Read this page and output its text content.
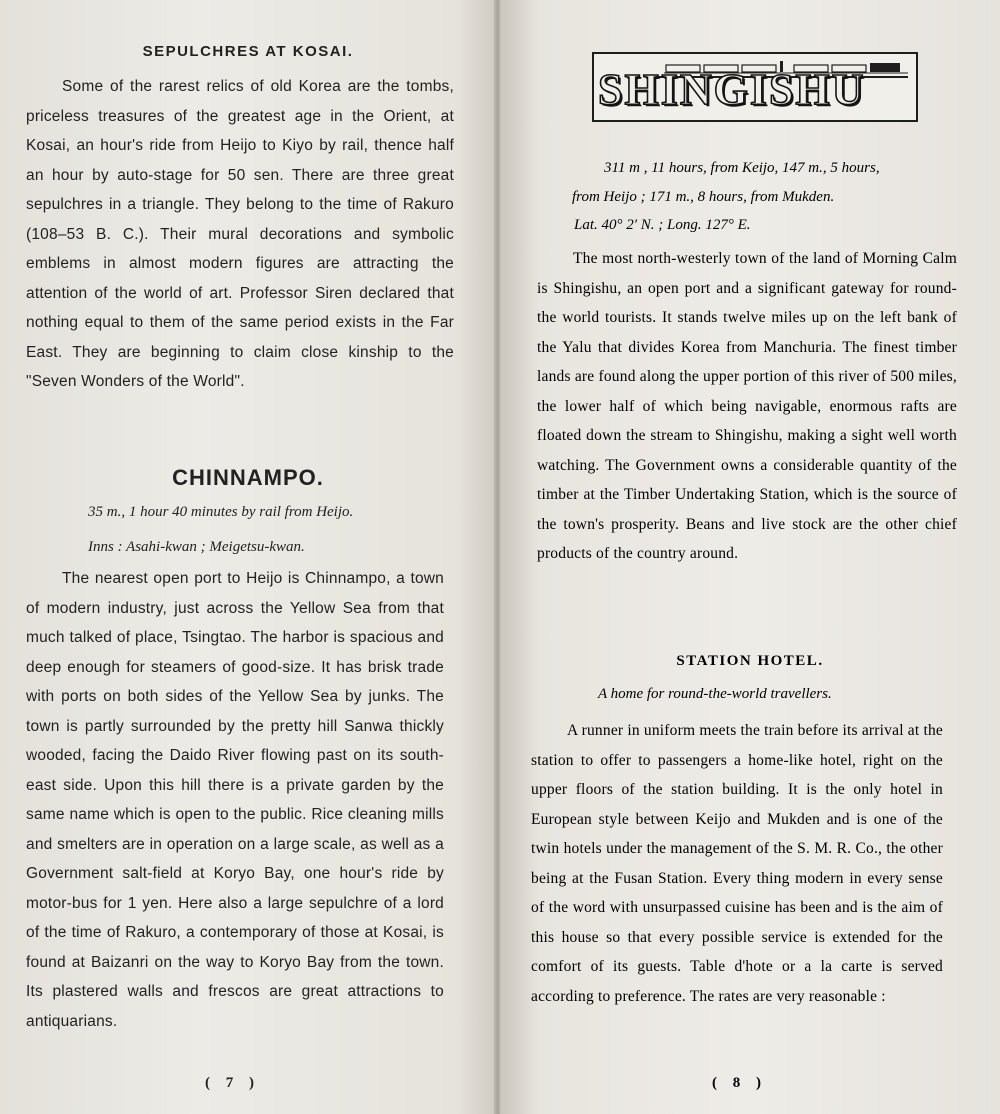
SEPULCHRES AT KOSAI.

Some of the rarest relics of old Korea are the tombs, priceless treasures of the greatest age in the Orient, at Kosai, an hour's ride from Heijo to Kiyo by rail, thence half an hour by auto-stage for 50 sen. There are three great sepulchres in a triangle. They belong to the time of Rakuro (108–53 B. C.). Their mural decorations and symbolic emblems in almost modern figures are attracting the attention of the world of art. Professor Siren declared that nothing equal to them of the same period exists in the Far East. They are beginning to claim close kinship to the "Seven Wonders of the World".

CHINNAMPO.
35 m., 1 hour 40 minutes by rail from Heijo.
Inns : Asahi-kwan ; Meigetsu-kwan.

The nearest open port to Heijo is Chinnampo, a town of modern industry, just across the Yellow Sea from that much talked of place, Tsingtao. The harbor is spacious and deep enough for steamers of good-size. It has brisk trade with ports on both sides of the Yellow Sea by junks. The town is partly surrounded by the pretty hill Sanwa thickly wooded, facing the Daido River flowing past on its south-east side. Upon this hill there is a private garden by the same name which is open to the public. Rice cleaning mills and smelters are in operation on a large scale, as well as a Government salt-field at Koryo Bay, one hour's ride by motor-bus for 1 yen. Here also a large sepulchre of a lord of the time of Rakuro, a contemporary of those at Kosai, is found at Baizanri on the way to Koryo Bay from the town. Its plastered walls and frescos are great attractions to antiquarians.

( 7 )
SHINGISHU
311 m , 11 hours, from Keijo, 147 m., 5 hours,
from Heijo ; 171 m., 8 hours, from Mukden.
Lat. 40° 2′ N. ; Long. 127° E.

The most north-westerly town of the land of Morning Calm is Shingishu, an open port and a significant gateway for round-the world tourists. It stands twelve miles up on the left bank of the Yalu that divides Korea from Manchuria. The finest timber lands are found along the upper portion of this river of 500 miles, the lower half of which being navigable, enormous rafts are floated down the stream to Shingishu, making a sight well worth watching. The Government owns a considerable quantity of the timber at the Timber Undertaking Station, which is the source of the town's prosperity. Beans and live stock are the other chief products of the country around.

STATION HOTEL.
A home for round-the-world travellers.

A runner in uniform meets the train before its arrival at the station to offer to passengers a home-like hotel, right on the upper floors of the station building. It is the only hotel in European style between Keijo and Mukden and is one of the twin hotels under the management of the S. M. R. Co., the other being at the Fusan Station. Every thing modern in every sense of the word with unsurpassed cuisine has been and is the aim of this house so that every possible service is extended for the comfort of its guests. Table d'hote or a la carte is served according to preference. The rates are very reasonable :

( 8 )
